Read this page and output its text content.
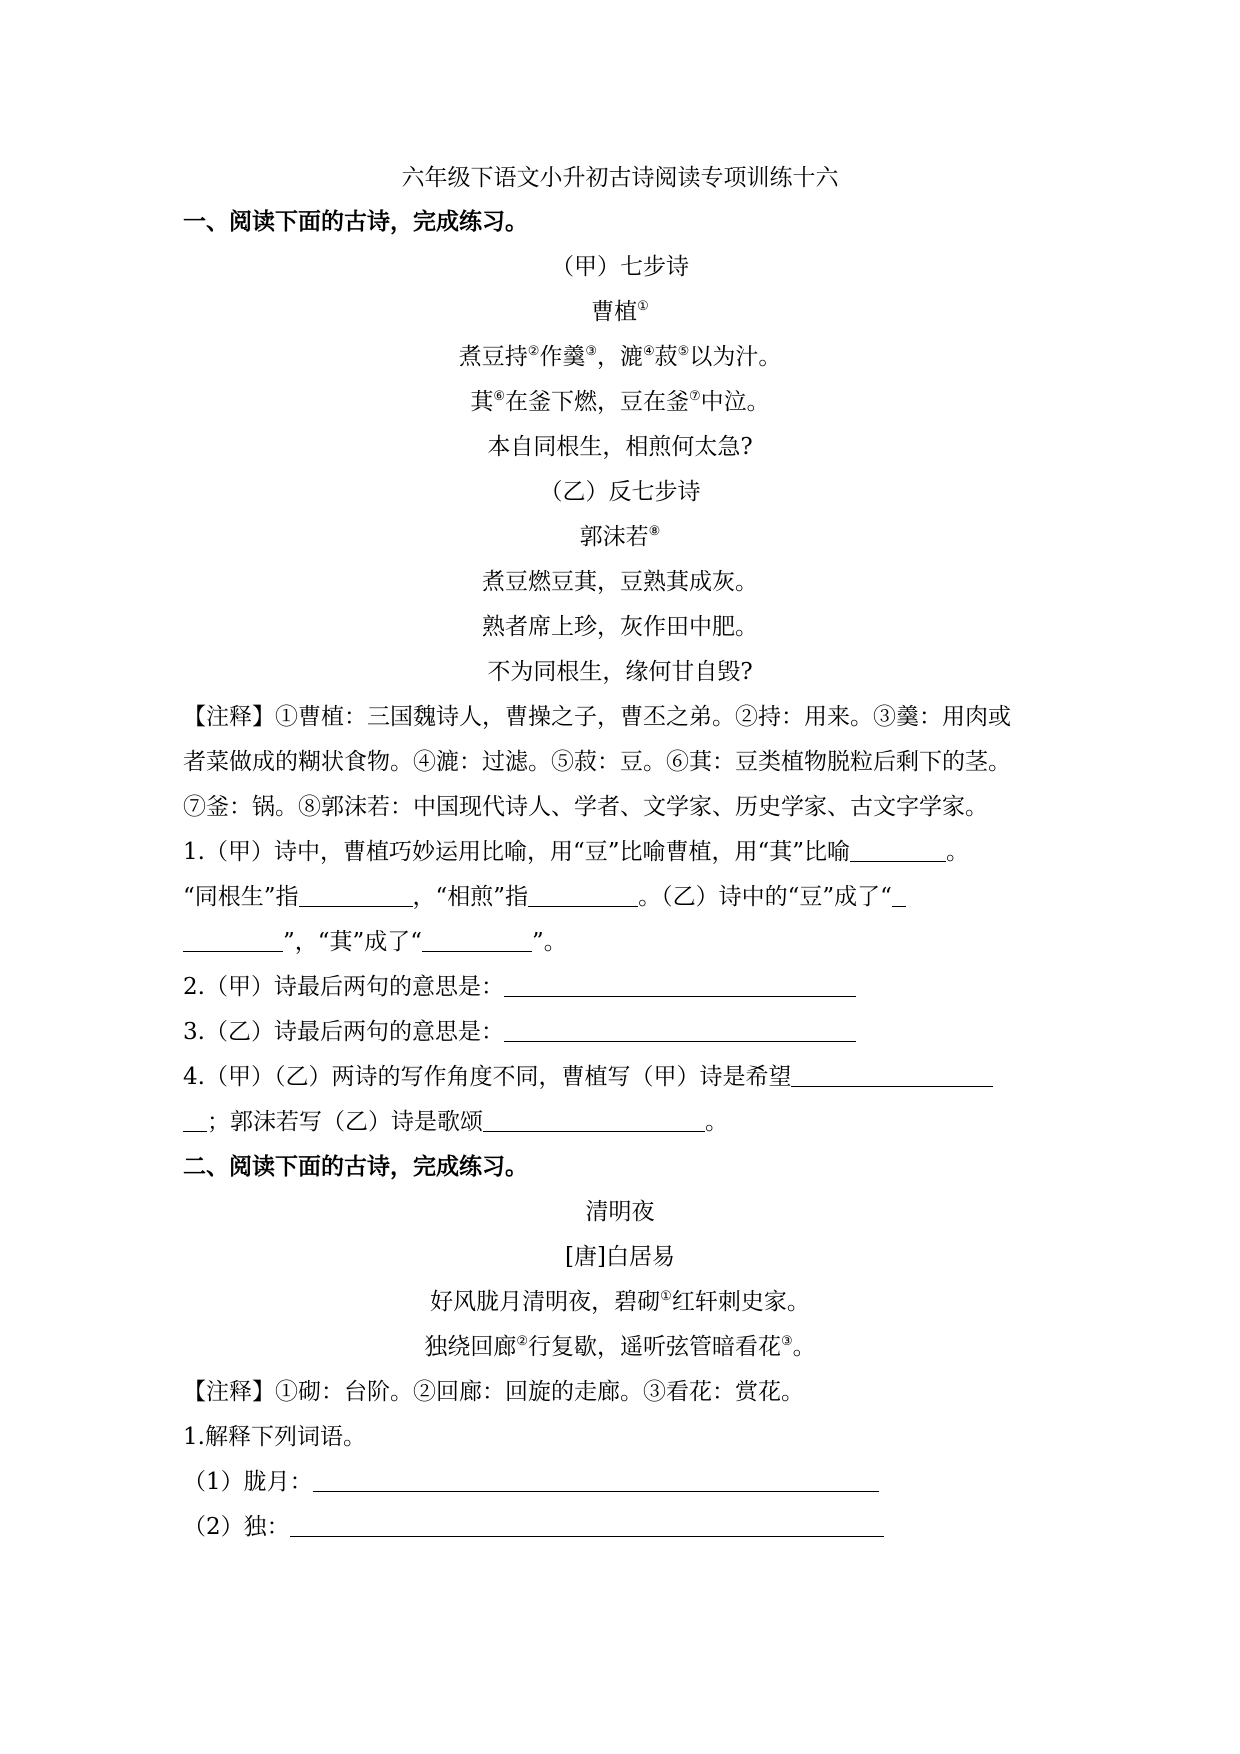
六年级下语文小升初古诗阅读专项训练十六
一、阅读下面的古诗，完成练习。
（甲）七步诗
曹植①
煮豆持②作羹③，漉④菽⑤以为汁。
萁⑥在釜下燃，豆在釜⑦中泣。
本自同根生，相煎何太急?
（乙）反七步诗
郭沫若⑧
煮豆燃豆萁，豆熟萁成灰。
熟者席上珍，灰作田中肥。
不为同根生，缘何甘自毁?
【注释】①曹植：三国魏诗人，曹操之子，曹丕之弟。②持：用来。③羹：用肉或
者菜做成的糊状食物。④漉：过滤。⑤菽：豆。⑥萁：豆类植物脱粒后剩下的茎。
⑦釜：锅。⑧郭沫若：中国现代诗人、学者、文学家、历史学家、古文字学家。
1.（甲）诗中，曹植巧妙运用比喻，用“豆”比喻曹植，用“萁”比喻	。
“同根生”指	，“相煎”指	。（乙）诗中的“豆”成了“
”，“萁”成了“	”。
2.（甲）诗最后两句的意思是：
3.（乙）诗最后两句的意思是：
4.（甲）（乙）两诗的写作角度不同，曹植写（甲）诗是希望
；郭沫若写（乙）诗是歌颂	。
二、阅读下面的古诗，完成练习。
清明夜
[唐]白居易
好风胧月清明夜，碧砌①红轩刺史家。
独绕回廊②行复歇，遥听弦管暗看花③。
【注释】①砌：台阶。②回廊：回旋的走廊。③看花：赏花。
1.解释下列词语。
（1）胧月：
（2）独：
